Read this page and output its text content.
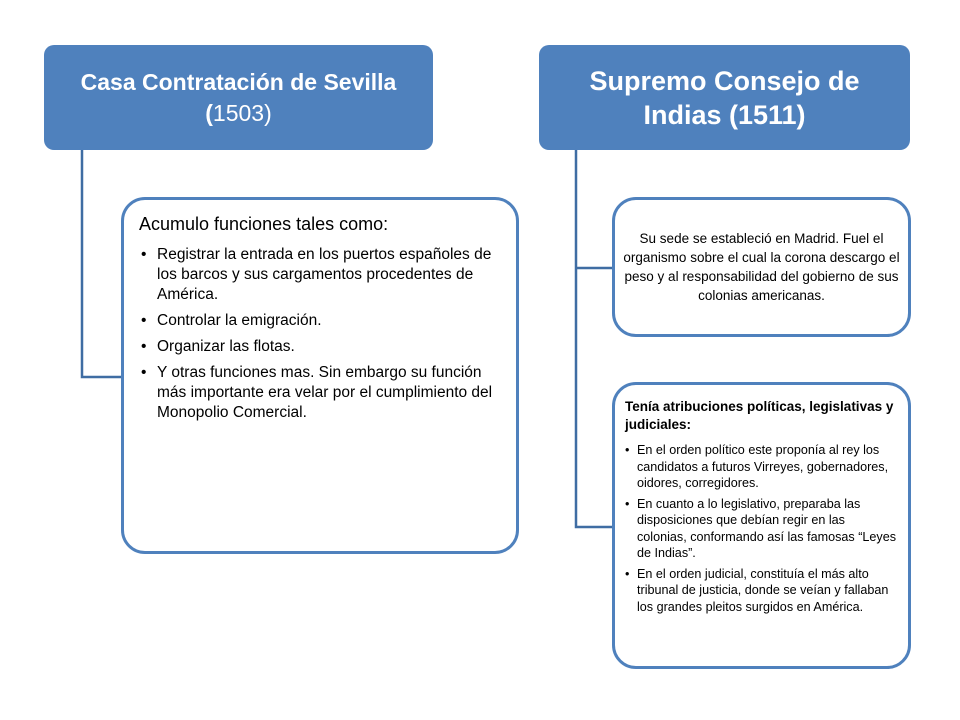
Casa Contratación de Sevilla
(1503)
Supremo Consejo de Indias (1511)
Acumulo funciones tales como:
• Registrar la entrada en los puertos españoles de los barcos y sus cargamentos procedentes de América.
• Controlar la emigración.
• Organizar las flotas.
• Y otras funciones mas. Sin embargo su función más importante era velar por el cumplimiento del Monopolio Comercial.
Su sede se estableció en Madrid. Fuel el organismo sobre el cual la corona descargo el peso y al responsabilidad del gobierno de sus colonias americanas.
Tenía atribuciones políticas, legislativas y judiciales:
• En el orden político este proponía al rey los candidatos a futuros Virreyes, gobernadores, oidores, corregidores.
• En cuanto a lo legislativo, preparaba las disposiciones que debían regir en las colonias, conformando así las famosas “Leyes de Indias”.
• En el orden judicial, constituía el más alto tribunal de justicia, donde se veían y fallaban los grandes pleitos surgidos en América.
